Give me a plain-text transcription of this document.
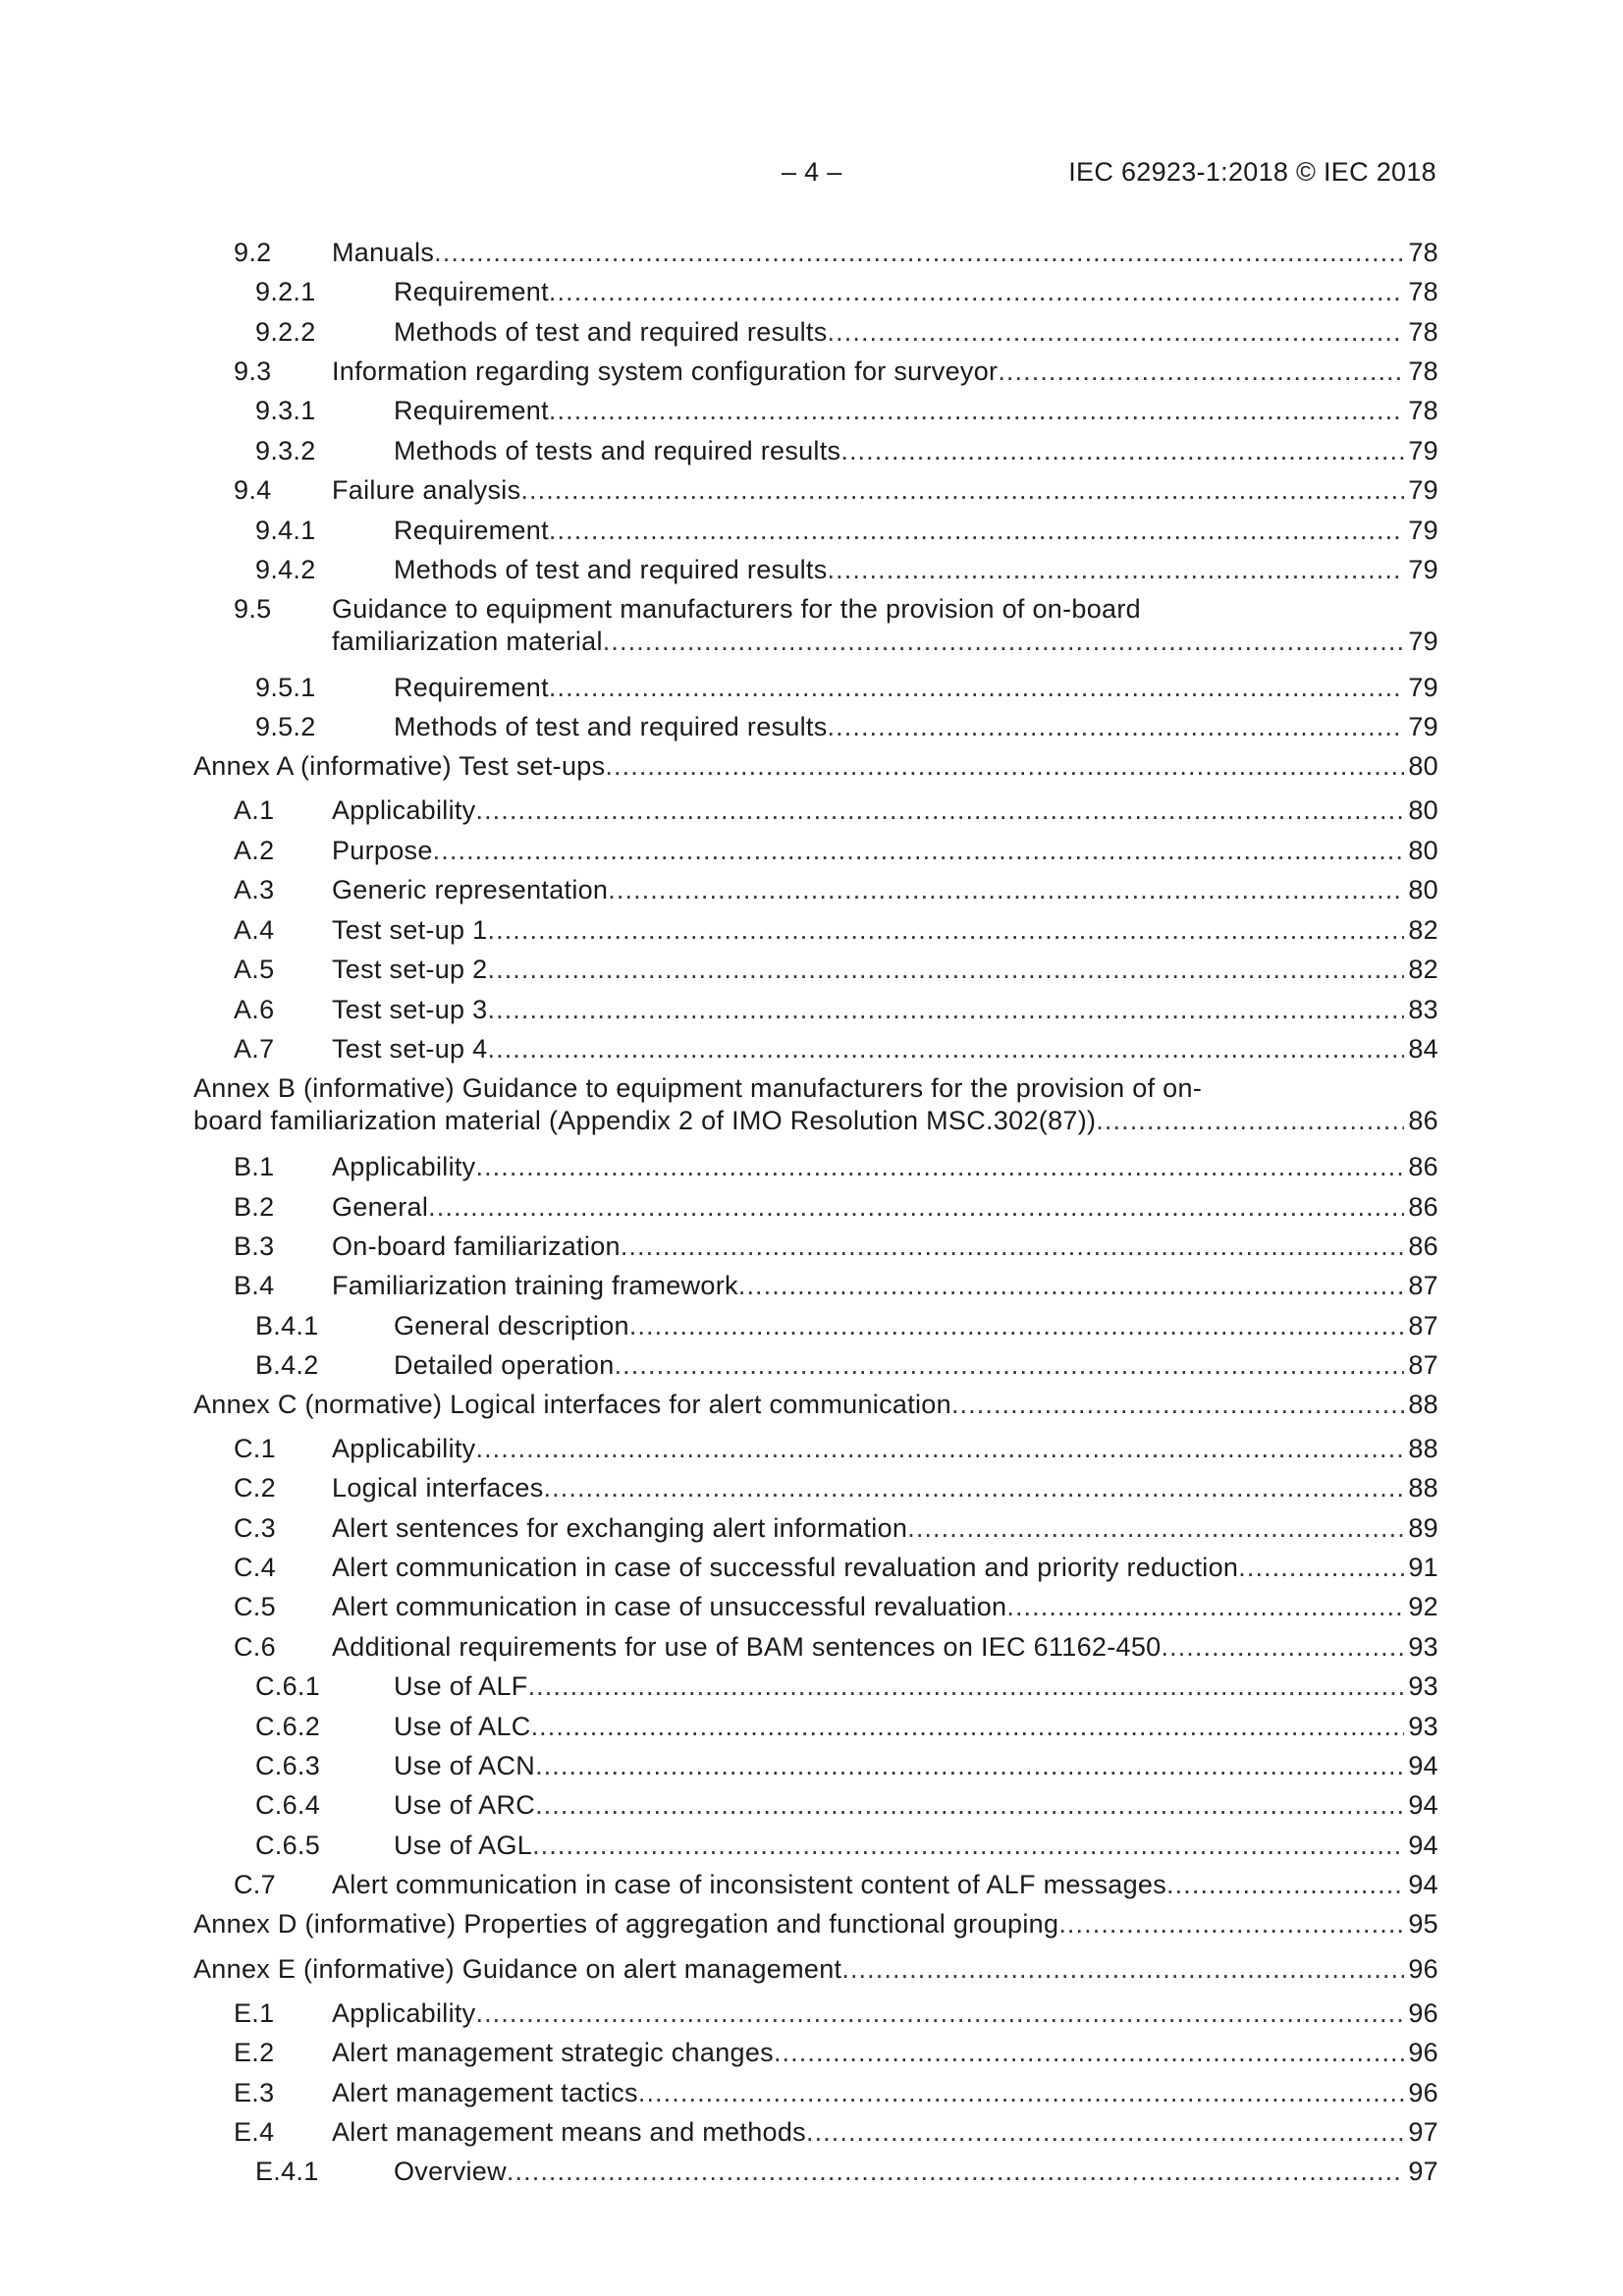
– 4 –	IEC 62923-1:2018 © IEC 2018
9.2 Manuals . . .	78
9.2.1	Requirement . . .	78
9.2.2	Methods of test and required results . . .	78
9.3 Information regarding system configuration for surveyor . . .	78
9.3.1	Requirement . . .	78
9.3.2	Methods of tests and required results . . .	79
9.4 Failure analysis . . .	79
9.4.1	Requirement . . .	79
9.4.2	Methods of test and required results . . .	79
9.5 Guidance to equipment manufacturers for the provision of on-board
familiarization material . . .	79
9.5.1	Requirement . . .	79
9.5.2	Methods of test and required results . . .	79
Annex A (informative) Test set-ups . . .	80
A.1 Applicability . . .	80
A.2 Purpose . . .	80
A.3 Generic representation . . .	80
A.4 Test set-up 1 . . .	82
A.5 Test set-up 2 . . .	82
A.6 Test set-up 3 . . .	83
A.7 Test set-up 4 . . .	84
Annex B (informative) Guidance to equipment manufacturers for the provision of on-
board familiarization material (Appendix 2 of IMO Resolution MSC.302(87)) . . .	86
B.1 Applicability . . .	86
B.2 General . . .	86
B.3 On-board familiarization . . .	86
B.4 Familiarization training framework . . .	87
B.4.1	General description . . .	87
B.4.2	Detailed operation . . .	87
Annex C (normative) Logical interfaces for alert communication . . .	88
C.1 Applicability . . .	88
C.2 Logical interfaces . . .	88
C.3 Alert sentences for exchanging alert information . . .	89
C.4 Alert communication in case of successful revaluation and priority reduction . . .	91
C.5 Alert communication in case of unsuccessful revaluation . . .	92
C.6 Additional requirements for use of BAM sentences on IEC 61162-450 . . .	93
C.6.1	Use of ALF . . .	93
C.6.2	Use of ALC . . .	93
C.6.3	Use of ACN . . .	94
C.6.4	Use of ARC . . .	94
C.6.5	Use of AGL . . .	94
C.7 Alert communication in case of inconsistent content of ALF messages . . .	94
Annex D (informative) Properties of aggregation and functional grouping . . .	95
Annex E (informative) Guidance on alert management . . .	96
E.1 Applicability . . .	96
E.2 Alert management strategic changes . . .	96
E.3 Alert management tactics . . .	96
E.4 Alert management means and methods . . .	97
E.4.1	Overview . . .	97
